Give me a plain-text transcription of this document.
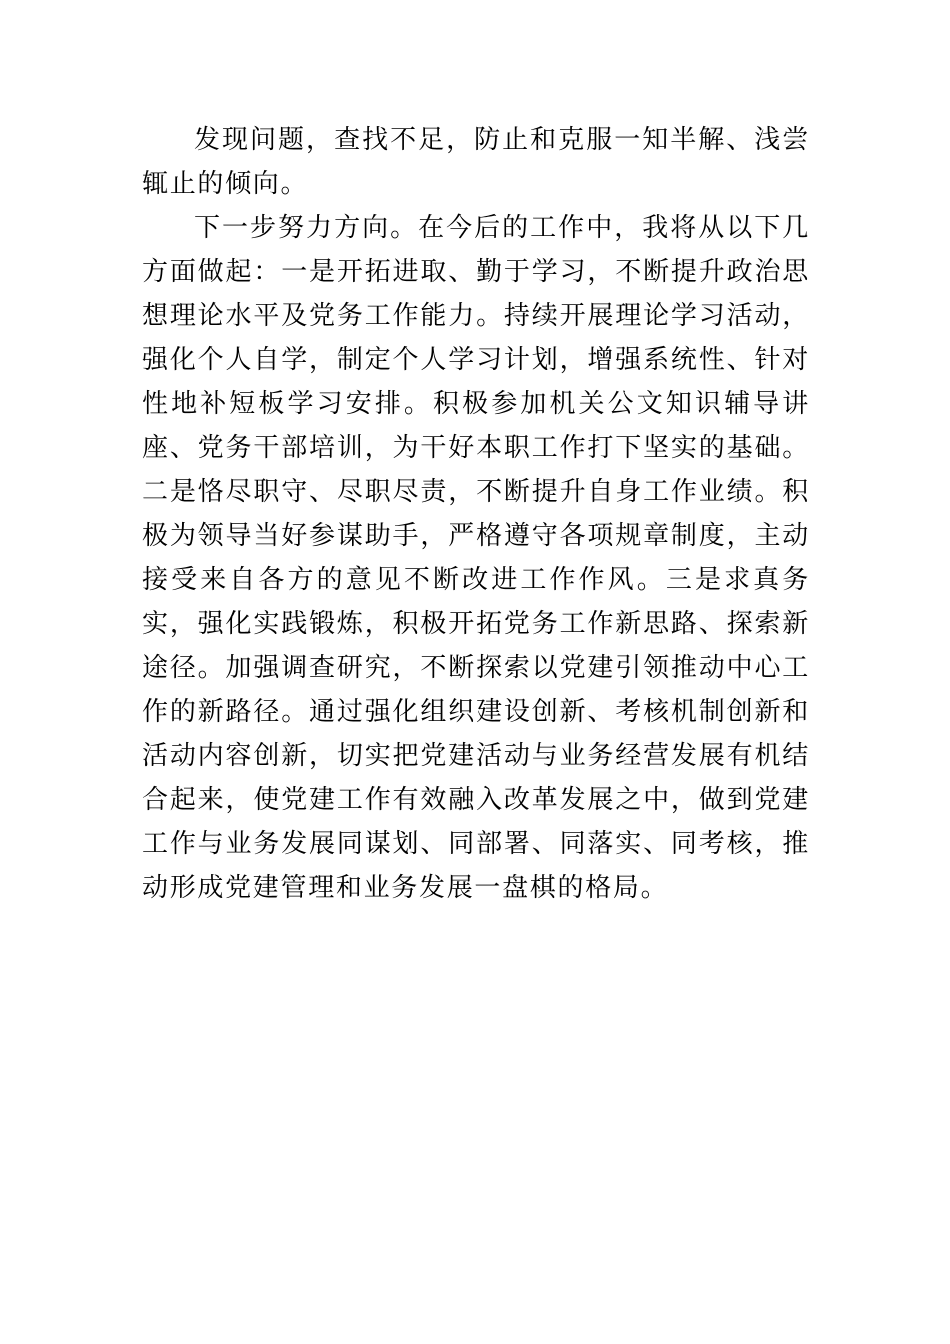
发现问题，查找不足，防止和克服一知半解、浅尝辄止的倾向。

下一步努力方向。在今后的工作中，我将从以下几方面做起：一是开拓进取、勤于学习，不断提升政治思想理论水平及党务工作能力。持续开展理论学习活动，强化个人自学，制定个人学习计划，增强系统性、针对性地补短板学习安排。积极参加机关公文知识辅导讲座、党务干部培训，为干好本职工作打下坚实的基础。二是恪尽职守、尽职尽责，不断提升自身工作业绩。积极为领导当好参谋助手，严格遵守各项规章制度，主动接受来自各方的意见不断改进工作作风。三是求真务实，强化实践锻炼，积极开拓党务工作新思路、探索新途径。加强调查研究，不断探索以党建引领推动中心工作的新路径。通过强化组织建设创新、考核机制创新和活动内容创新，切实把党建活动与业务经营发展有机结合起来，使党建工作有效融入改革发展之中，做到党建工作与业务发展同谋划、同部署、同落实、同考核，推动形成党建管理和业务发展一盘棋的格局。
